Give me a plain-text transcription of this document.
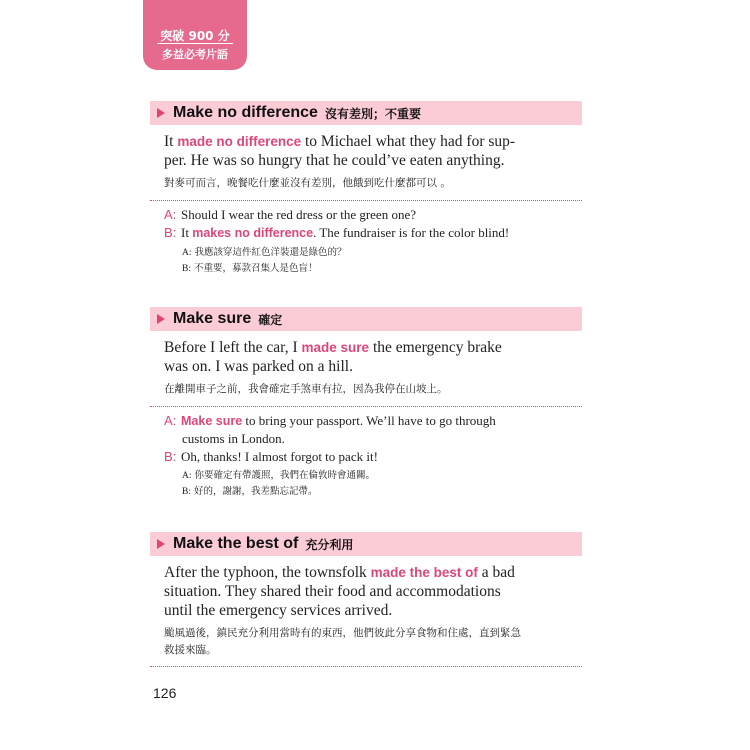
突破 900 分
多益必考片語
Make no difference 沒有差別；不重要
It made no difference to Michael what they had for sup-
per. He was so hungry that he could’ve eaten anything.
對麥可而言，晚餐吃什麼並沒有差別，他餓到吃什麼都可以 。
A: Should I wear the red dress or the green one?
B: It makes no difference. The fundraiser is for the color blind!
A: 我應該穿這件紅色洋裝還是綠色的？
B: 不重要，募款召集人是色盲！
Make sure 確定
Before I left the car, I made sure the emergency brake
was on. I was parked on a hill.
在離開車子之前，我會確定手煞車有拉，因為我停在山坡上。
A: Make sure to bring your passport. We’ll have to go through
customs in London.
B: Oh, thanks! I almost forgot to pack it!
A: 你要確定有帶護照，我們在倫敦時會通關。
B: 好的，謝謝，我差點忘記帶。
Make the best of 充分利用
After the typhoon, the townsfolk made the best of a bad
situation. They shared their food and accommodations
until the emergency services arrived.
颱風過後，鎮民充分利用當時有的東西，他們彼此分享食物和住處，直到緊急
救援來臨。
126
